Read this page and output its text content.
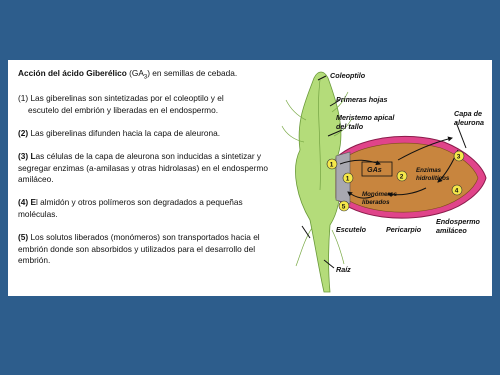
Acción del ácido Giberélico $(GA_3)$ en semillas de cebada.
(1) Las giberelinas son sintetizadas por el coleoptilo y el
escutelo del embrión y liberadas en el endospermo.
(2) Las giberelinas difunden hacia la capa de aleurona.
(3) Las células de la capa de aleurona son inducidas a sintetizar y segregar enzimas (a-amilasas y otras hidrolasas) en el endospermo amiláceo.
(4) El almidón y otros polímeros son degradados a pequeñas moléculas.
(5) Los solutos liberados (monómeros) son transportados hacia el embrión donde son absorbidos y utilizados para el desarrollo del embrión.
GAs
1
1	2
3
4
5
Coleoptilo
Primeras hojas
Meristemo apical
del tallo
Capa de
aleurona
Enzimas
hidrolíticos
Monómeros
liberados
Escutelo	Pericarpio
Endospermo
amiláceo
Raíz
